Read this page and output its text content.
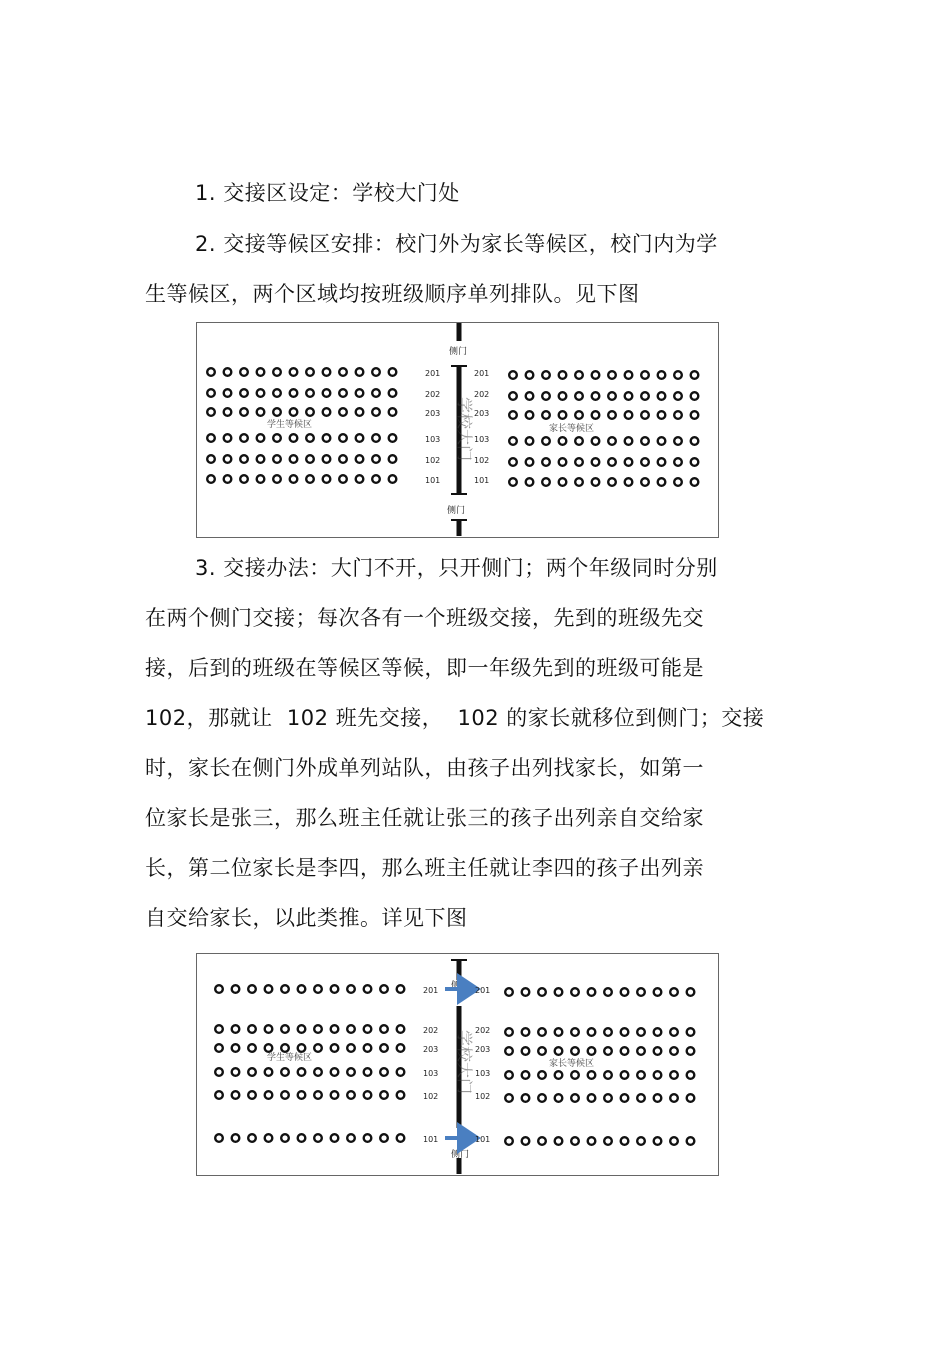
1. 交接区设定：学校大门处
2. 交接等候区安排：校门外为家长等候区，校门内为学
生等候区，两个区域均按班级顺序单列排队。见下图
侧门
侧门
学校大门
学生等候区	家长等候区
201	201
202	202
203	203
103	103
102	102
101	101
3. 交接办法：大门不开，只开侧门；两个年级同时分别
在两个侧门交接；每次各有一个班级交接，先到的班级先交
接，后到的班级在等候区等候，即一年级先到的班级可能是
102，那就让  102 班先交接，  102 的家长就移位到侧门；交接
时，家长在侧门外成单列站队，由孩子出列找家长，如第一
位家长是张三，那么班主任就让张三的孩子出列亲自交给家
长，第二位家长是李四，那么班主任就让李四的孩子出列亲
自交给家长，以此类推。详见下图
侧门
侧门
学校大门
学生等候区
家长等候区
201	201
202	202
203	203
103	103
102	102
101	101
